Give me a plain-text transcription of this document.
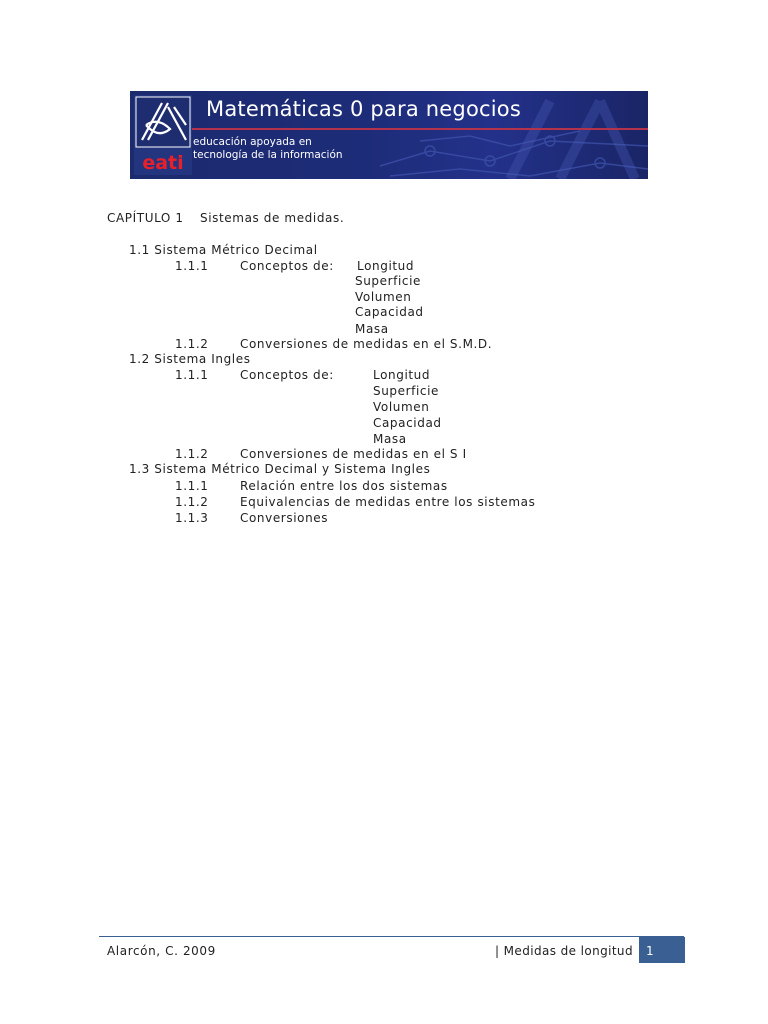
eati
Matemáticas 0 para negocios
educación apoyada en
tecnología de la información
CAPÍTULO 1 Sistemas de medidas.
1.1 Sistema Métrico Decimal
1.1.1	Conceptos de: Longitud
Superficie
Volumen
Capacidad
Masa
1.1.2	Conversiones de medidas en el S.M.D.
1.2 Sistema Ingles
1.1.1	Conceptos de:	Longitud
Superficie
Volumen
Capacidad
Masa
1.1.2	Conversiones de medidas en el S I
1.3 Sistema Métrico Decimal y Sistema Ingles
1.1.1	Relación entre los dos sistemas
1.1.2	Equivalencias de medidas entre los sistemas
1.1.3	Conversiones
Alarcón, C. 2009	| Medidas de longitud 1
